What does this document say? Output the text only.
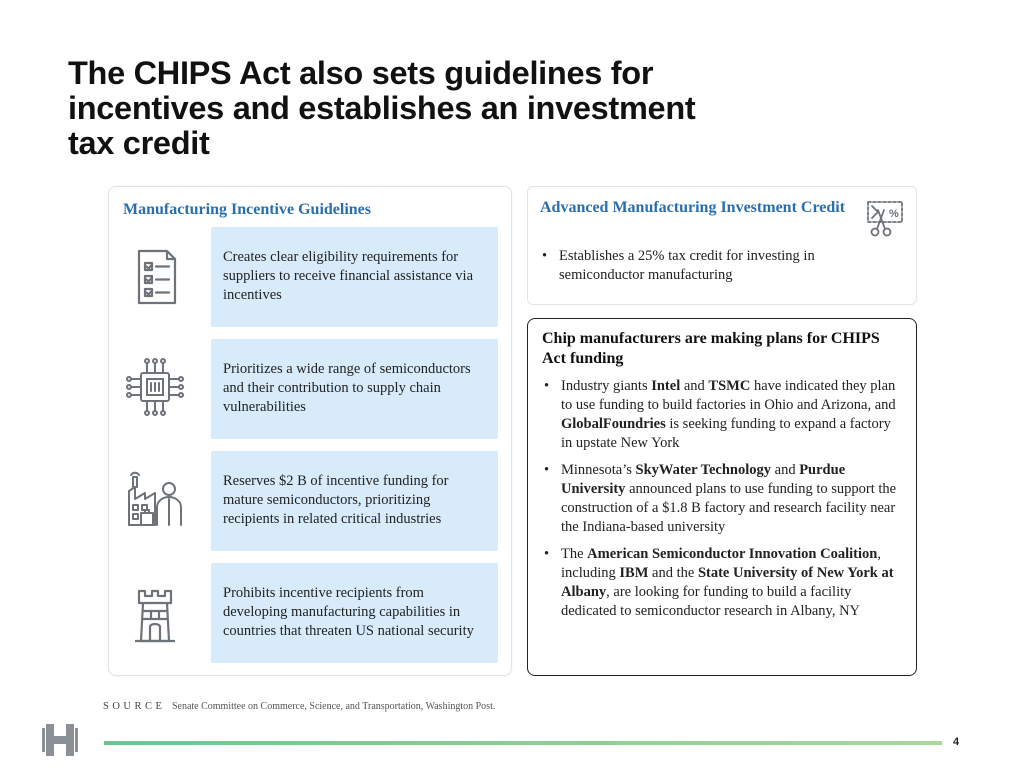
The CHIPS Act also sets guidelines for
incentives and establishes an investment
tax credit
Manufacturing Incentive Guidelines
Creates clear eligibility requirements for suppliers to receive financial assistance via incentives
Prioritizes a wide range of semiconductors and their contribution to supply chain vulnerabilities
Reserves $2 B of incentive funding for mature semiconductors, prioritizing recipients in related critical industries
Prohibits incentive recipients from developing manufacturing capabilities in countries that threaten US national security
Advanced Manufacturing Investment Credit	%
• Establishes a 25% tax credit for investing in semiconductor manufacturing
Chip manufacturers are making plans for CHIPS Act funding
• Industry giants Intel and TSMC have indicated they plan to use funding to build factories in Ohio and Arizona, and GlobalFoundries is seeking funding to expand a factory in upstate New York
• Minnesota’s SkyWater Technology and Purdue University announced plans to use funding to support the construction of a $1.8 B factory and research facility near the Indiana-based university
• The American Semiconductor Innovation Coalition, including IBM and the State University of New York at Albany, are looking for funding to build a facility dedicated to semiconductor research in Albany, NY
SOURCE Senate Committee on Commerce, Science, and Transportation, Washington Post.
4
